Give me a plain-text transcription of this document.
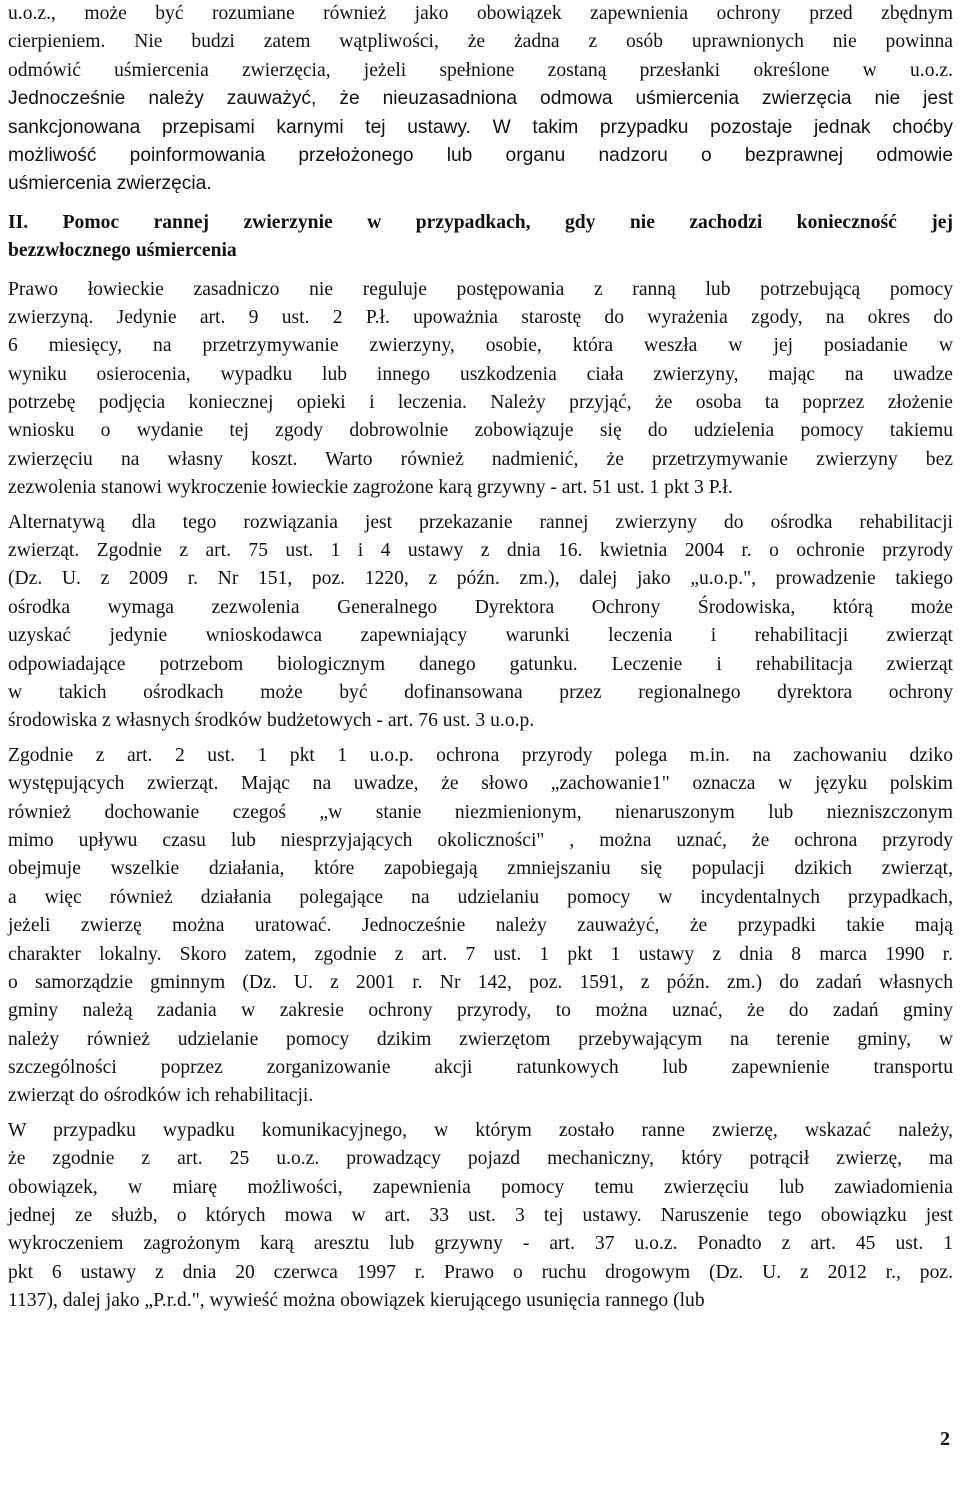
u.o.z., może być rozumiane również jako obowiązek zapewnienia ochrony przed zbędnym
cierpieniem. Nie budzi zatem wątpliwości, że żadna z osób uprawnionych nie powinna
odmówić uśmiercenia zwierzęcia, jeżeli spełnione zostaną przesłanki określone w u.o.z.
Jednocześnie należy zauważyć, że nieuzasadniona odmowa uśmiercenia zwierzęcia nie jest
sankcjonowana przepisami karnymi tej ustawy. W takim przypadku pozostaje jednak choćby
możliwość poinformowania przełożonego lub organu nadzoru o bezprawnej odmowie
uśmiercenia zwierzęcia.
II. Pomoc rannej zwierzynie w przypadkach, gdy nie zachodzi konieczność jej
bezzwłocznego uśmiercenia
Prawo łowieckie zasadniczo nie reguluje postępowania z ranną lub potrzebującą pomocy
zwierzyną. Jedynie art. 9 ust. 2 P.ł. upoważnia starostę do wyrażenia zgody, na okres do
6 miesięcy, na przetrzymywanie zwierzyny, osobie, która weszła w jej posiadanie w
wyniku osierocenia, wypadku lub innego uszkodzenia ciała zwierzyny, mając na uwadze
potrzebę podjęcia koniecznej opieki i leczenia. Należy przyjąć, że osoba ta poprzez złożenie
wniosku o wydanie tej zgody dobrowolnie zobowiązuje się do udzielenia pomocy takiemu
zwierzęciu na własny koszt. Warto również nadmienić, że przetrzymywanie zwierzyny bez
zezwolenia stanowi wykroczenie łowieckie zagrożone karą grzywny - art. 51 ust. 1 pkt 3 P.ł.
Alternatywą dla tego rozwiązania jest przekazanie rannej zwierzyny do ośrodka rehabilitacji
zwierząt. Zgodnie z art. 75 ust. 1 i 4 ustawy z dnia 16. kwietnia 2004 r. o ochronie przyrody
(Dz. U. z 2009 r. Nr 151, poz. 1220, z późn. zm.), dalej jako „u.o.p.", prowadzenie takiego
ośrodka wymaga zezwolenia Generalnego Dyrektora Ochrony Środowiska, którą może
uzyskać jedynie wnioskodawca zapewniający warunki leczenia i rehabilitacji zwierząt
odpowiadające potrzebom biologicznym danego gatunku. Leczenie i rehabilitacja zwierząt
w takich ośrodkach może być dofinansowana przez regionalnego dyrektora ochrony
środowiska z własnych środków budżetowych - art. 76 ust. 3 u.o.p.
Zgodnie z art. 2 ust. 1 pkt 1 u.o.p. ochrona przyrody polega m.in. na zachowaniu dziko
występujących zwierząt. Mając na uwadze, że słowo „zachowanie1" oznacza w języku polskim
również dochowanie czegoś „w stanie niezmienionym, nienaruszonym lub niezniszczonym
mimo upływu czasu lub niesprzyjających okoliczności" , można uznać, że ochrona przyrody
obejmuje wszelkie działania, które zapobiegają zmniejszaniu się populacji dzikich zwierząt,
a więc również działania polegające na udzielaniu pomocy w incydentalnych przypadkach,
jeżeli zwierzę można uratować. Jednocześnie należy zauważyć, że przypadki takie mają
charakter lokalny. Skoro zatem, zgodnie z art. 7 ust. 1 pkt 1 ustawy z dnia 8 marca 1990 r.
o samorządzie gminnym (Dz. U. z 2001 r. Nr 142, poz. 1591, z późn. zm.) do zadań własnych
gminy należą zadania w zakresie ochrony przyrody, to można uznać, że do zadań gminy
należy również udzielanie pomocy dzikim zwierzętom przebywającym na terenie gminy, w
szczególności poprzez zorganizowanie akcji ratunkowych lub zapewnienie transportu
zwierząt do ośrodków ich rehabilitacji.
W przypadku wypadku komunikacyjnego, w którym zostało ranne zwierzę, wskazać należy,
że zgodnie z art. 25 u.o.z. prowadzący pojazd mechaniczny, który potrącił zwierzę, ma
obowiązek, w miarę możliwości, zapewnienia pomocy temu zwierzęciu lub zawiadomienia
jednej ze służb, o których mowa w art. 33 ust. 3 tej ustawy. Naruszenie tego obowiązku jest
wykroczeniem zagrożonym karą aresztu lub grzywny - art. 37 u.o.z. Ponadto z art. 45 ust. 1
pkt 6 ustawy z dnia 20 czerwca 1997 r. Prawo o ruchu drogowym (Dz. U. z 2012 r., poz.
1137), dalej jako „P.r.d.", wywieść można obowiązek kierującego usunięcia rannego (lub
2
